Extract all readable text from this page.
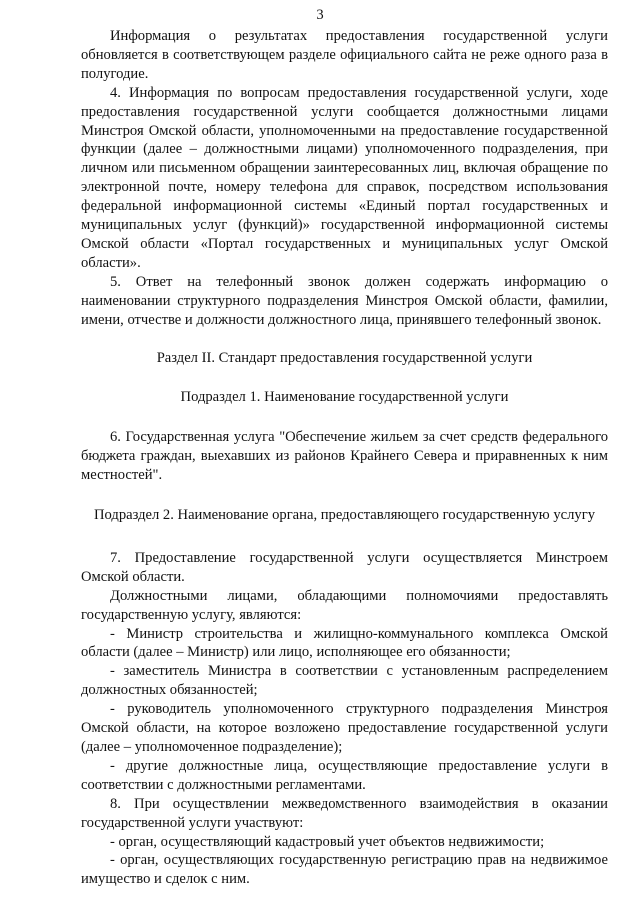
3

Информация о результатах предоставления государственной услуги обновляется в соответствующем разделе официального сайта не реже одного раза в полугодие.

4. Информация по вопросам предоставления государственной услуги, ходе предоставления государственной услуги сообщается должностными лицами Минстроя Омской области, уполномоченными на предоставление государственной функции (далее – должностными лицами) уполномоченного подразделения, при личном или письменном обращении заинтересованных лиц, включая обращение по электронной почте, номеру телефона для справок, посредством использования федеральной информационной системы «Единый портал государственных и муниципальных услуг (функций)» государственной информационной системы Омской области «Портал государственных и муниципальных услуг Омской области».

5. Ответ на телефонный звонок должен содержать информацию о наименовании структурного подразделения Минстроя Омской области, фамилии, имени, отчестве и должности должностного лица, принявшего телефонный звонок.

Раздел II. Стандарт предоставления государственной услуги

Подраздел 1. Наименование государственной услуги

6. Государственная услуга "Обеспечение жильем за счет средств федерального бюджета граждан, выехавших из районов Крайнего Севера и приравненных к ним местностей".

Подраздел 2. Наименование органа, предоставляющего государственную услугу

7. Предоставление государственной услуги осуществляется Минстроем Омской области.

Должностными лицами, обладающими полномочиями предоставлять государственную услугу, являются:

- Министр строительства и жилищно-коммунального комплекса Омской области (далее – Министр) или лицо, исполняющее его обязанности;

- заместитель Министра в соответствии с установленным распределением должностных обязанностей;

- руководитель уполномоченного структурного подразделения Минстроя Омской области, на которое возложено предоставление государственной услуги (далее – уполномоченное подразделение);

- другие должностные лица, осуществляющие предоставление услуги в соответствии с должностными регламентами.

8. При осуществлении межведомственного взаимодействия в оказании государственной услуги участвуют:

- орган, осуществляющий кадастровый учет объектов недвижимости;

- орган, осуществляющих государственную регистрацию прав на недвижимое имущество и сделок с ним.
